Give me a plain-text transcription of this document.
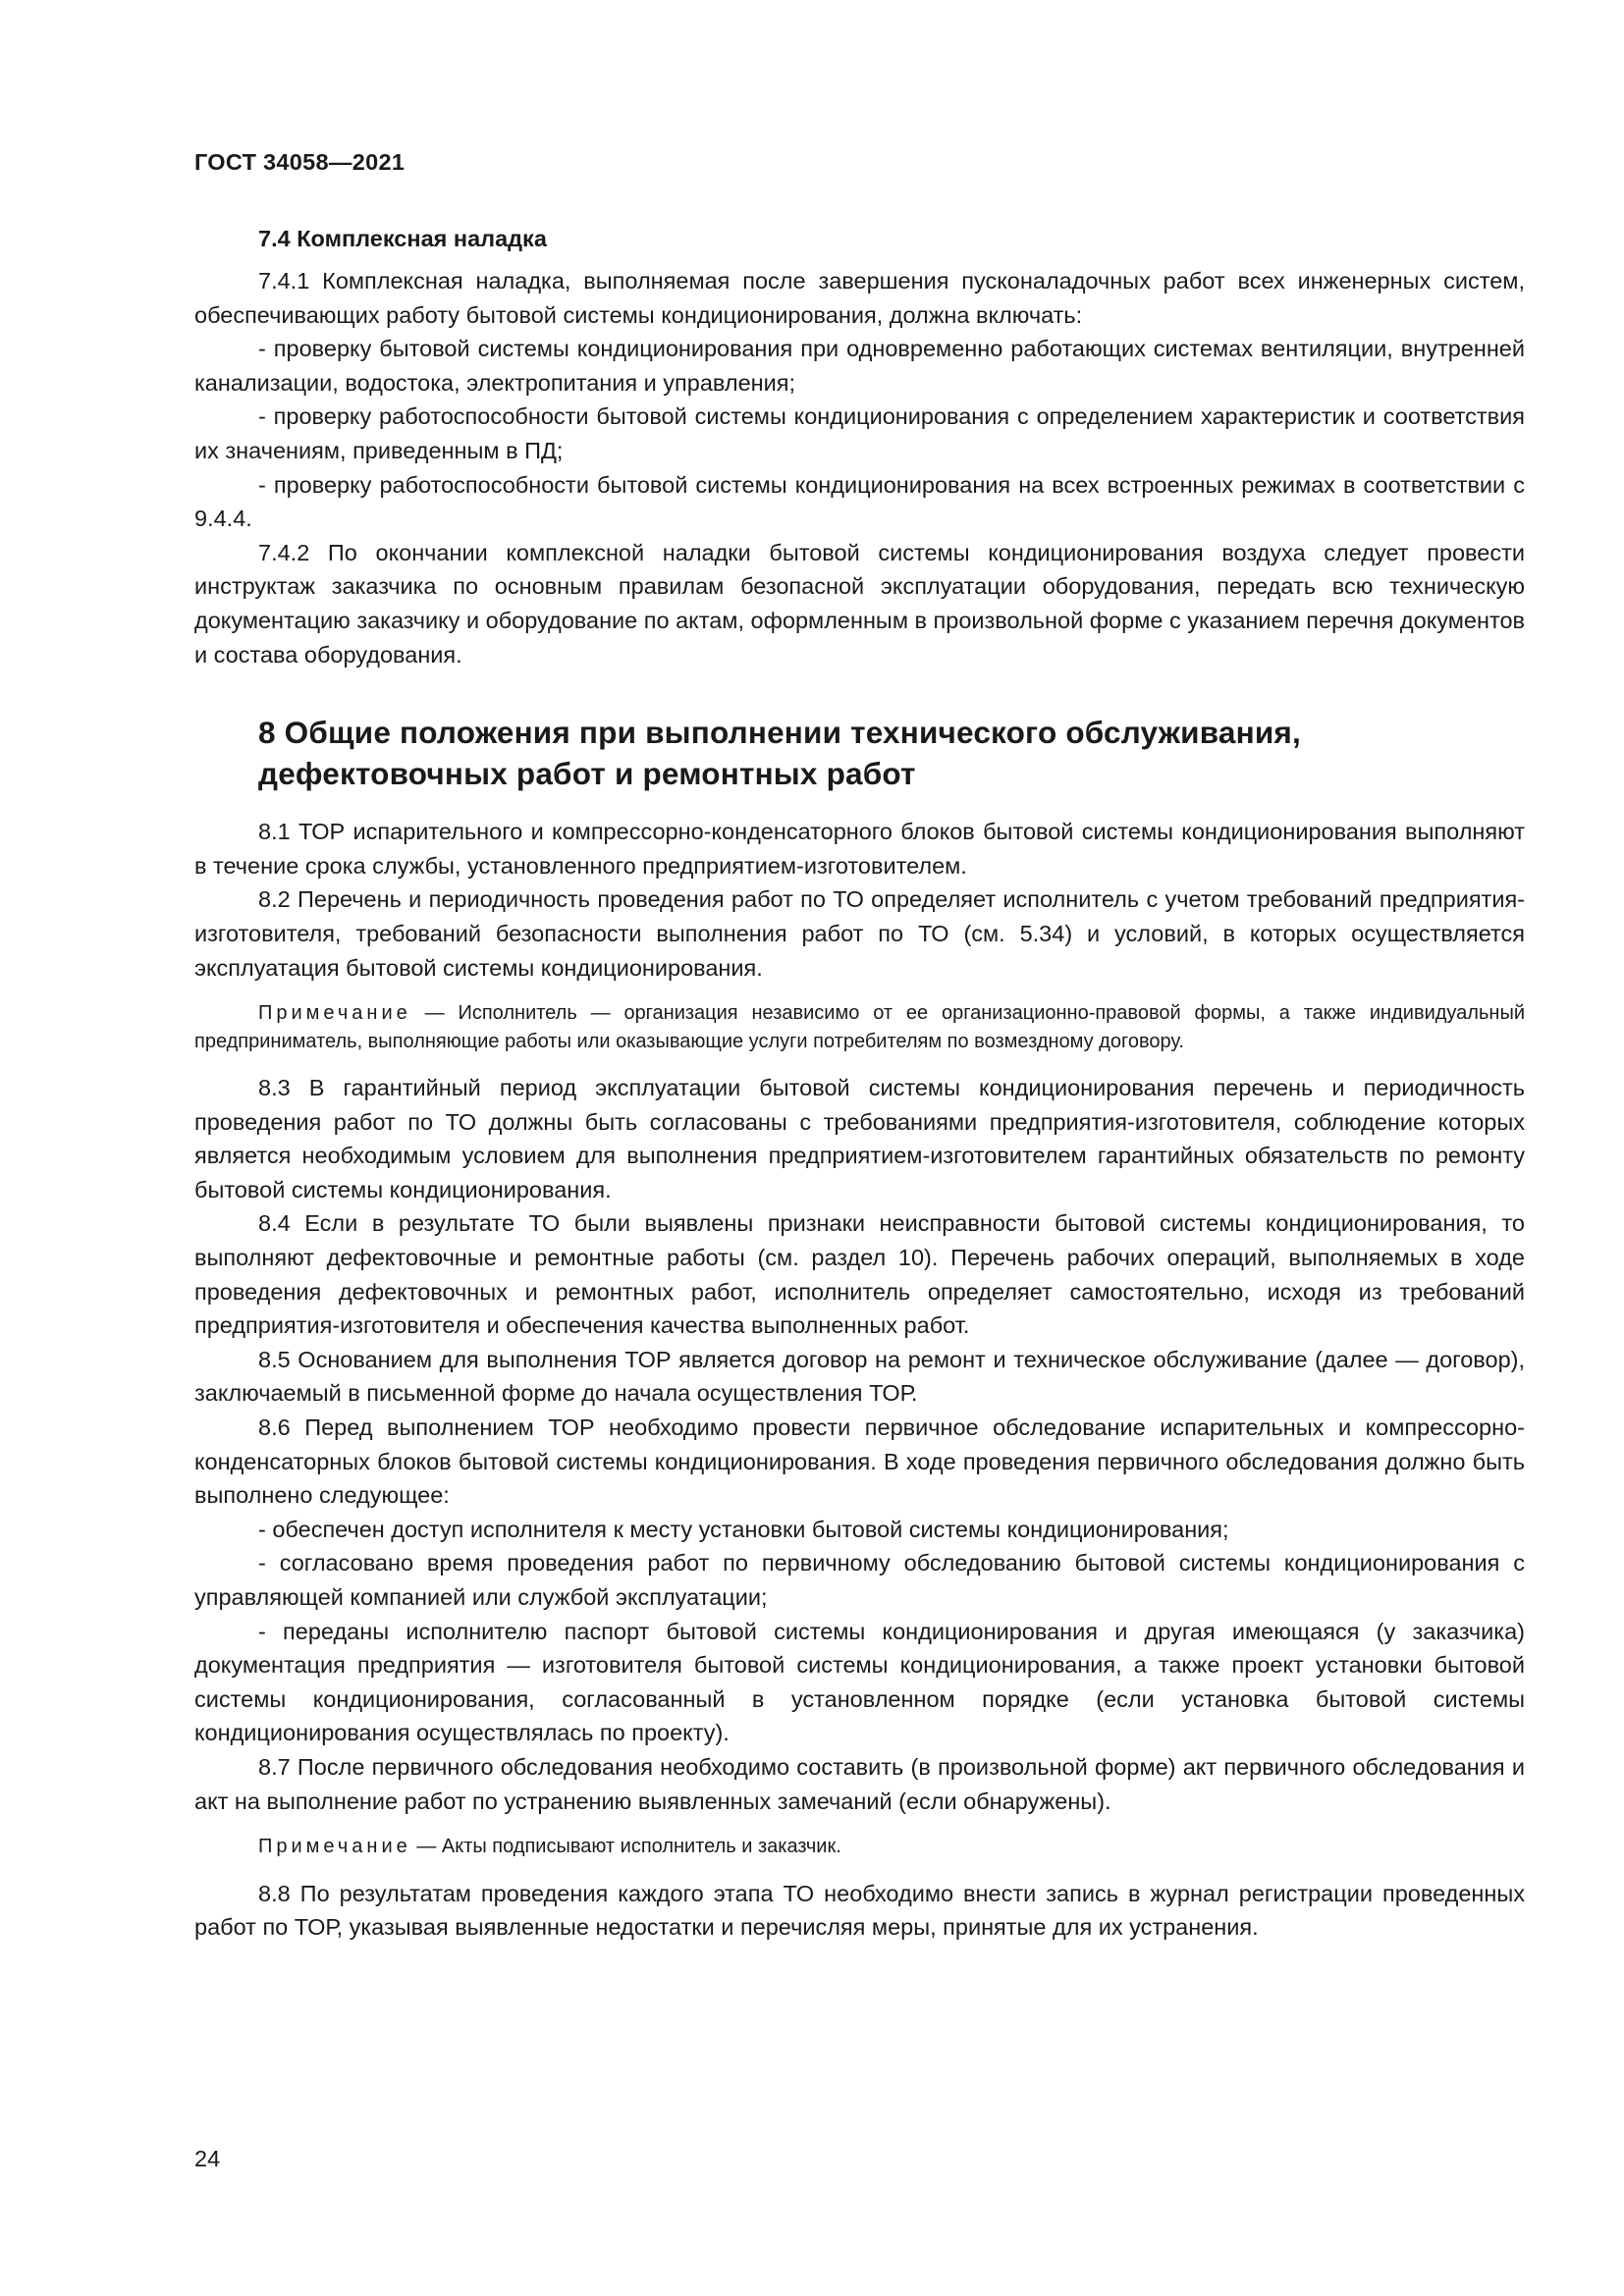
ГОСТ 34058—2021
7.4 Комплексная наладка

7.4.1 Комплексная наладка, выполняемая после завершения пусконаладочных работ всех инженерных систем, обеспечивающих работу бытовой системы кондиционирования, должна включать:

- проверку бытовой системы кондиционирования при одновременно работающих системах вентиляции, внутренней канализации, водостока, электропитания и управления;

- проверку работоспособности бытовой системы кондиционирования с определением характеристик и соответствия их значениям, приведенным в ПД;

- проверку работоспособности бытовой системы кондиционирования на всех встроенных режимах в соответствии с 9.4.4.

7.4.2 По окончании комплексной наладки бытовой системы кондиционирования воздуха следует провести инструктаж заказчика по основным правилам безопасной эксплуатации оборудования, передать всю техническую документацию заказчику и оборудование по актам, оформленным в произвольной форме с указанием перечня документов и состава оборудования.

8 Общие положения при выполнении технического обслуживания,
дефектовочных работ и ремонтных работ

8.1 ТОР испарительного и компрессорно-конденсаторного блоков бытовой системы кондиционирования выполняют в течение срока службы, установленного предприятием-изготовителем.

8.2 Перечень и периодичность проведения работ по ТО определяет исполнитель с учетом требований предприятия-изготовителя, требований безопасности выполнения работ по ТО (см. 5.34) и условий, в которых осуществляется эксплуатация бытовой системы кондиционирования.

Примечание — Исполнитель — организация независимо от ее организационно-правовой формы, а также индивидуальный предприниматель, выполняющие работы или оказывающие услуги потребителям по возмездному договору.

8.3 В гарантийный период эксплуатации бытовой системы кондиционирования перечень и периодичность проведения работ по ТО должны быть согласованы с требованиями предприятия-изготовителя, соблюдение которых является необходимым условием для выполнения предприятием-изготовителем гарантийных обязательств по ремонту бытовой системы кондиционирования.

8.4 Если в результате ТО были выявлены признаки неисправности бытовой системы кондиционирования, то выполняют дефектовочные и ремонтные работы (см. раздел 10). Перечень рабочих операций, выполняемых в ходе проведения дефектовочных и ремонтных работ, исполнитель определяет самостоятельно, исходя из требований предприятия-изготовителя и обеспечения качества выполненных работ.

8.5 Основанием для выполнения ТОР является договор на ремонт и техническое обслуживание (далее — договор), заключаемый в письменной форме до начала осуществления ТОР.

8.6 Перед выполнением ТОР необходимо провести первичное обследование испарительных и компрессорно-конденсаторных блоков бытовой системы кондиционирования. В ходе проведения первичного обследования должно быть выполнено следующее:

- обеспечен доступ исполнителя к месту установки бытовой системы кондиционирования;

- согласовано время проведения работ по первичному обследованию бытовой системы кондиционирования с управляющей компанией или службой эксплуатации;

- переданы исполнителю паспорт бытовой системы кондиционирования и другая имеющаяся (у заказчика) документация предприятия — изготовителя бытовой системы кондиционирования, а также проект установки бытовой системы кондиционирования, согласованный в установленном порядке (если установка бытовой системы кондиционирования осуществлялась по проекту).

8.7 После первичного обследования необходимо составить (в произвольной форме) акт первичного обследования и акт на выполнение работ по устранению выявленных замечаний (если обнаружены).

Примечание — Акты подписывают исполнитель и заказчик.

8.8 По результатам проведения каждого этапа ТО необходимо внести запись в журнал регистрации проведенных работ по ТОР, указывая выявленные недостатки и перечисляя меры, принятые для их устранения.

24
